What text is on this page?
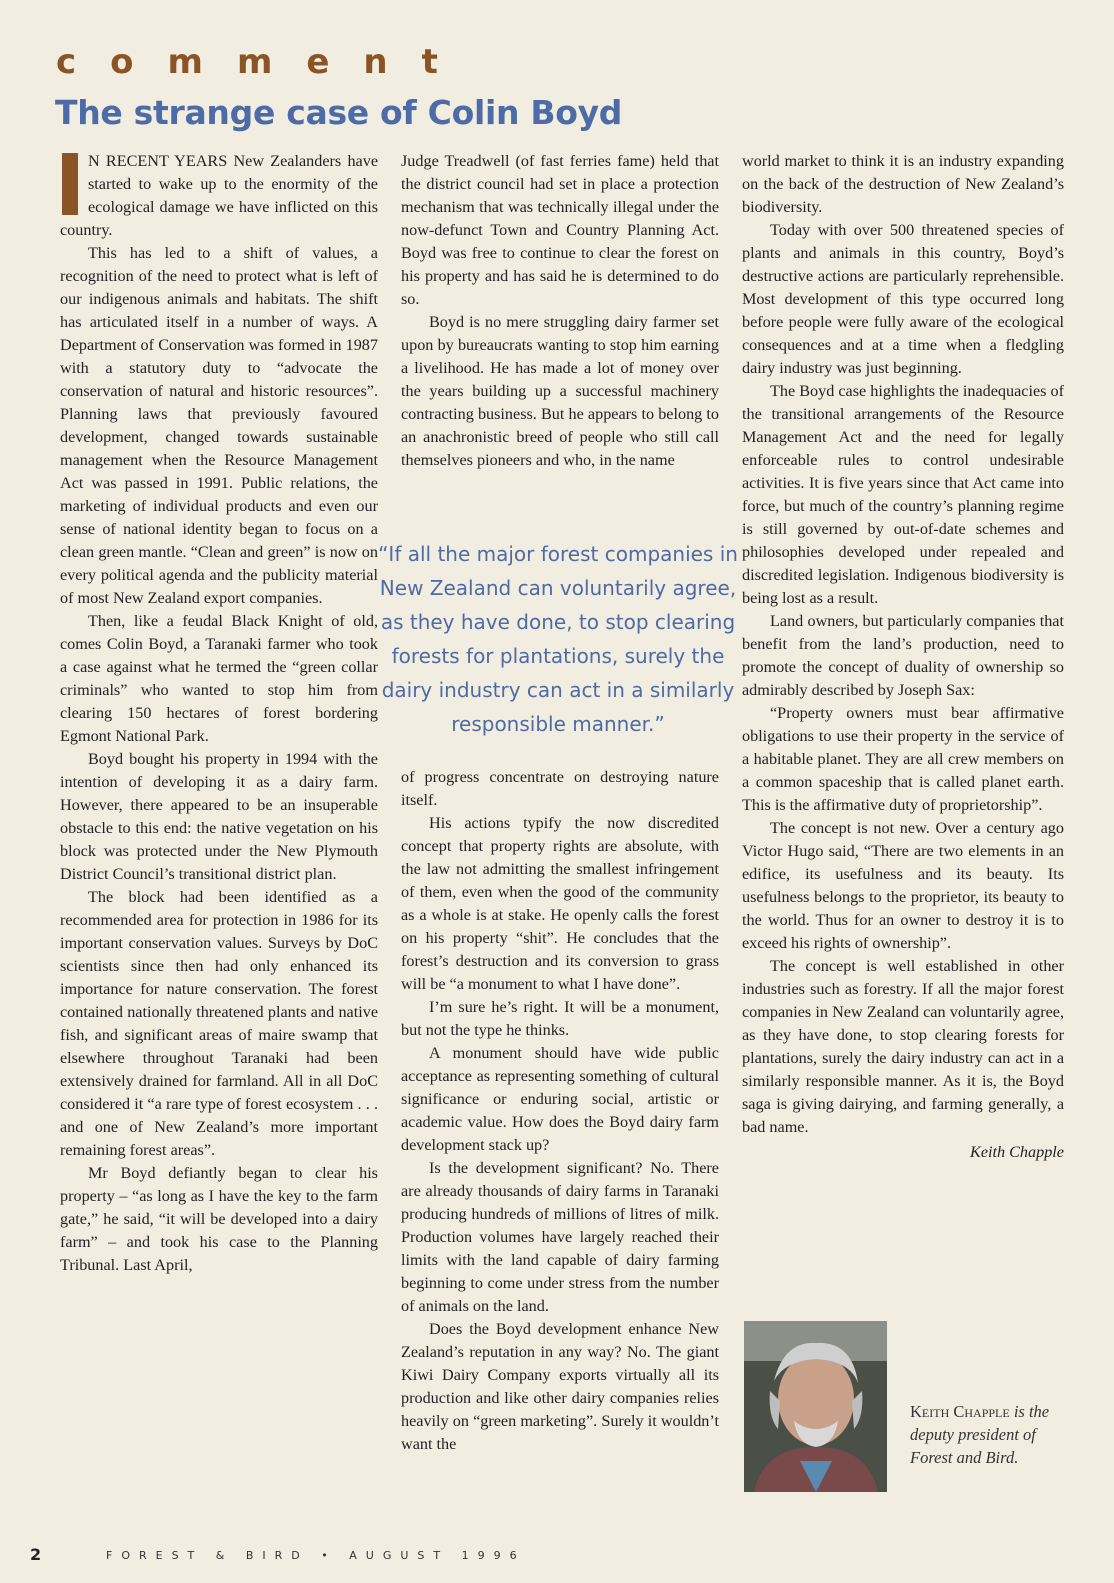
comment
The strange case of Colin Boyd

N RECENT YEARS New Zealanders have started to wake up to the enormity of the ecological damage we have inflicted on this country.

This has led to a shift of values, a recognition of the need to protect what is left of our indigenous animals and habitats. The shift has articulated itself in a number of ways. A Department of Conservation was formed in 1987 with a statutory duty to “advocate the conservation of natural and historic resources”. Planning laws that previously favoured development, changed towards sustainable management when the Resource Management Act was passed in 1991. Public relations, the marketing of individual products and even our sense of national identity began to focus on a clean green mantle. “Clean and green” is now on every political agenda and the publicity material of most New Zealand export companies.

Then, like a feudal Black Knight of old, comes Colin Boyd, a Taranaki farmer who took a case against what he termed the “green collar criminals” who wanted to stop him from clearing 150 hectares of forest bordering Egmont National Park.

Boyd bought his property in 1994 with the intention of developing it as a dairy farm. However, there appeared to be an insuperable obstacle to this end: the native vegetation on his block was protected under the New Plymouth District Council’s transitional district plan.

The block had been identified as a recommended area for protection in 1986 for its important conservation values. Surveys by DoC scientists since then had only enhanced its importance for nature conservation. The forest contained nationally threatened plants and native fish, and significant areas of maire swamp that elsewhere throughout Taranaki had been extensively drained for farmland. All in all DoC considered it “a rare type of forest ecosystem . . . and one of New Zealand’s more important remaining forest areas”.

Mr Boyd defiantly began to clear his property – “as long as I have the key to the farm gate,” he said, “it will be developed into a dairy farm” – and took his case to the Planning Tribunal. Last April,

Judge Treadwell (of fast ferries fame) held that the district council had set in place a protection mechanism that was technically illegal under the now-defunct Town and Country Planning Act. Boyd was free to continue to clear the forest on his property and has said he is determined to do so.

Boyd is no mere struggling dairy farmer set upon by bureaucrats wanting to stop him earning a livelihood. He has made a lot of money over the years building up a successful machinery contracting business. But he appears to belong to an anachronistic breed of people who still call themselves pioneers and who, in the name

“If all the major forest companies in New Zealand can voluntarily agree, as they have done, to stop clearing forests for plantations, surely the dairy industry can act in a similarly responsible manner.”

of progress concentrate on destroying nature itself.

His actions typify the now discredited concept that property rights are absolute, with the law not admitting the smallest infringement of them, even when the good of the community as a whole is at stake. He openly calls the forest on his property “shit”. He concludes that the forest’s destruction and its conversion to grass will be “a monument to what I have done”.

I’m sure he’s right. It will be a monument, but not the type he thinks.

A monument should have wide public acceptance as representing something of cultural significance or enduring social, artistic or academic value. How does the Boyd dairy farm development stack up?

Is the development significant? No. There are already thousands of dairy farms in Taranaki producing hundreds of millions of litres of milk. Production volumes have largely reached their limits with the land capable of dairy farming beginning to come under stress from the number of animals on the land.

Does the Boyd development enhance New Zealand’s reputation in any way? No. The giant Kiwi Dairy Company exports virtually all its production and like other dairy companies relies heavily on “green marketing”. Surely it wouldn’t want the

world market to think it is an industry expanding on the back of the destruction of New Zealand’s biodiversity.

Today with over 500 threatened species of plants and animals in this country, Boyd’s destructive actions are particularly reprehensible. Most development of this type occurred long before people were fully aware of the ecological consequences and at a time when a fledgling dairy industry was just beginning.

The Boyd case highlights the inadequacies of the transitional arrangements of the Resource Management Act and the need for legally enforceable rules to control undesirable activities. It is five years since that Act came into force, but much of the country’s planning regime is still governed by out-of-date schemes and philosophies developed under repealed and discredited legislation. Indigenous biodiversity is being lost as a result.

Land owners, but particularly companies that benefit from the land’s production, need to promote the concept of duality of ownership so admirably described by Joseph Sax:

“Property owners must bear affirmative obligations to use their property in the service of a habitable planet. They are all crew members on a common spaceship that is called planet earth. This is the affirmative duty of proprietorship”.

The concept is not new. Over a century ago Victor Hugo said, “There are two elements in an edifice, its usefulness and its beauty. Its usefulness belongs to the proprietor, its beauty to the world. Thus for an owner to destroy it is to exceed his rights of ownership”.

The concept is well established in other industries such as forestry. If all the major forest companies in New Zealand can voluntarily agree, as they have done, to stop clearing forests for plantations, surely the dairy industry can act in a similarly responsible manner. As it is, the Boyd saga is giving dairying, and farming generally, a bad name.

Keith Chapple
Keith Chapple is the deputy president of Forest and Bird.
2	FOREST & BIRD • AUGUST 1996
